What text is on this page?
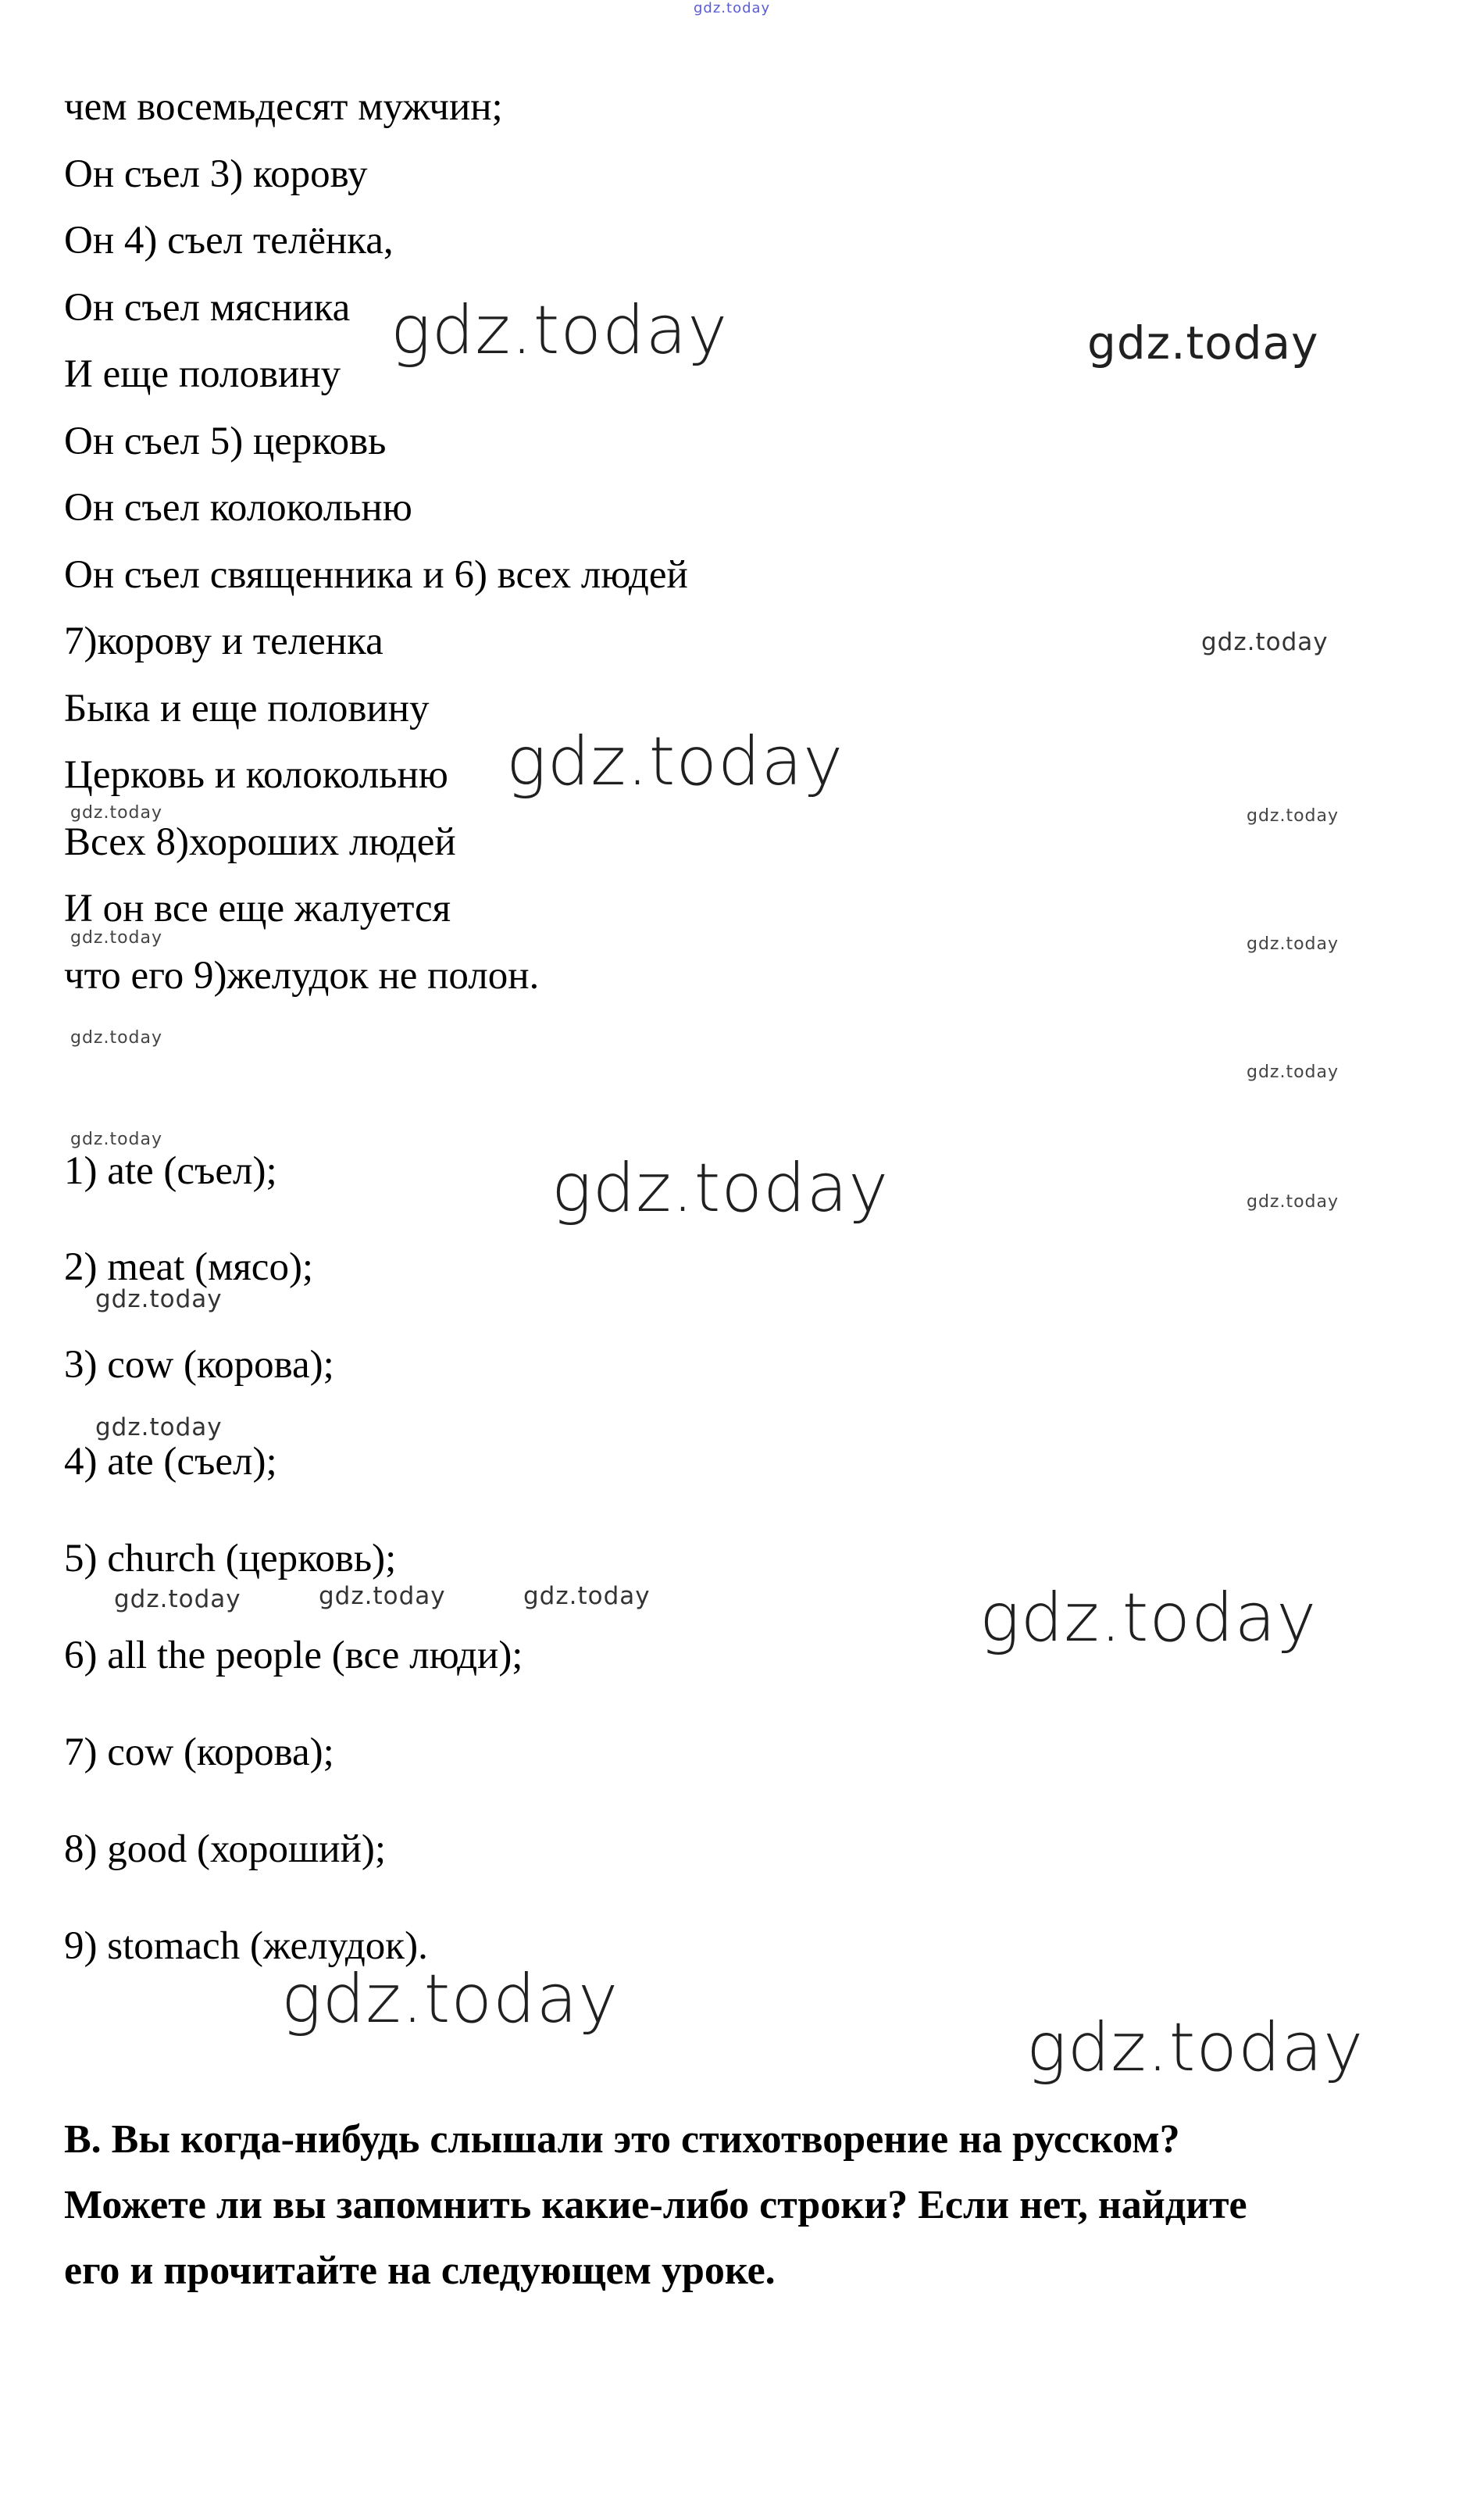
gdz.today
чем восемьдесят мужчин;
Он съел 3) корову
Он 4) съел телёнка,
Он съел мясника
И еще половину
Он съел 5) церковь
Он съел колокольню
Он съел священника и 6) всех людей
7)корову и теленка
Быка и еще половину
Церковь и колокольню
Всех 8)хороших людей
И он все еще жалуется
что его 9)желудок не полон.
1) ate (съел);
2) meat (мясо);
3) cow (корова);
4) ate (съел);
5) church (церковь);
6) all the people (все люди);
7) cow (корова);
8) good (хороший);
9) stomach (желудок).
B. Вы когда-нибудь слышали это стихотворение на русском?
Можете ли вы запомнить какие-либо строки? Если нет, найдите
его и прочитайте на следующем уроке.
gdz.today	gdz.today
gdz.today
gdz.today
gdz.today	gdz.today
gdz.today	gdz.today
gdz.today
gdz.today
gdz.today
gdz.today	gdz.today
gdz.today
gdz.today
gdz.today	gdz.today	gdz.today	gdz.today
gdz.today
gdz.today
